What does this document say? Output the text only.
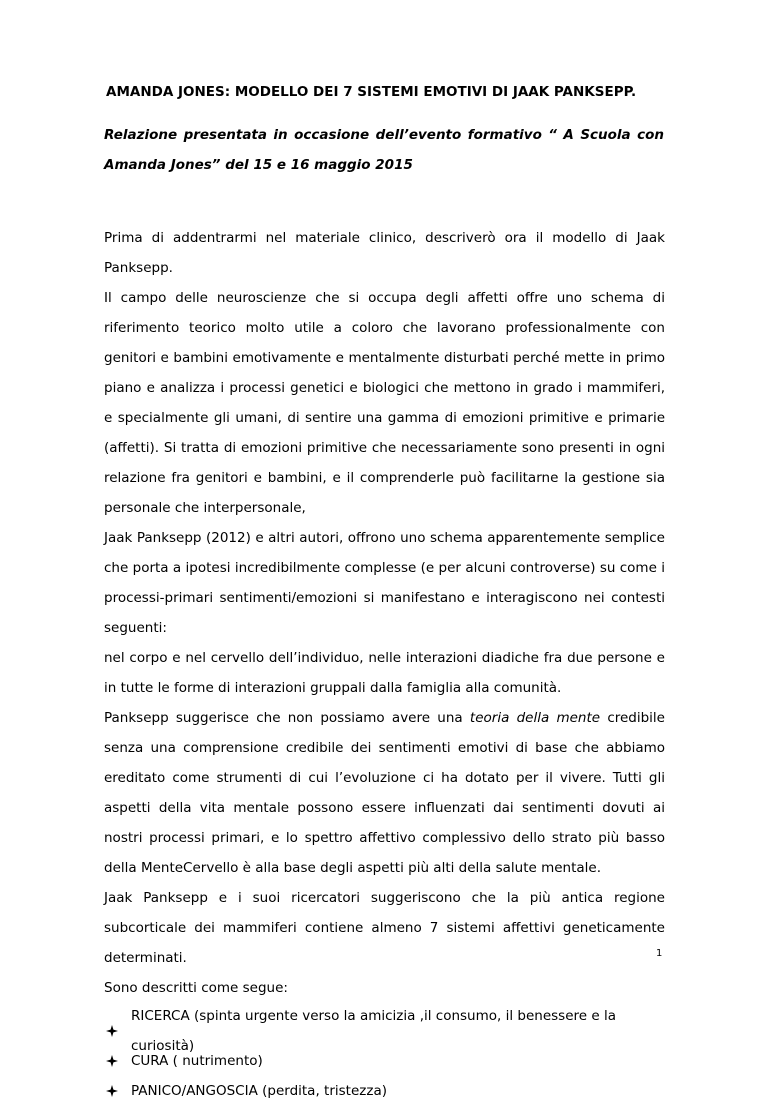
AMANDA JONES: MODELLO DEI 7 SISTEMI EMOTIVI DI JAAK PANKSEPP.

Relazione presentata in occasione dell’evento formativo “ A Scuola con Amanda Jones” del 15 e 16 maggio 2015

Prima di addentrarmi nel materiale clinico, descriverò ora il modello di Jaak Panksepp.

Il campo delle neuroscienze che si occupa degli affetti offre uno schema di riferimento teorico molto utile a coloro che lavorano professionalmente con genitori e bambini emotivamente e mentalmente disturbati perché mette in primo piano e analizza i processi genetici e biologici che mettono in grado i mammiferi, e specialmente gli umani, di sentire una gamma di emozioni primitive e primarie (affetti). Si tratta di emozioni primitive che necessariamente sono presenti in ogni relazione fra genitori e bambini, e il comprenderle può facilitarne la gestione sia personale che interpersonale,

Jaak Panksepp (2012) e altri autori, offrono uno schema apparentemente semplice che porta a ipotesi incredibilmente complesse (e per alcuni controverse) su come i processi-primari sentimenti/emozioni si manifestano e interagiscono nei contesti seguenti:

nel corpo e nel cervello dell’individuo, nelle interazioni diadiche fra due persone e in tutte le forme di interazioni gruppali dalla famiglia alla comunità.

Panksepp suggerisce che non possiamo avere una teoria della mente credibile senza una comprensione credibile dei sentimenti emotivi di base che abbiamo ereditato come strumenti di cui l’evoluzione ci ha dotato per il vivere. Tutti gli aspetti della vita mentale possono essere influenzati dai sentimenti dovuti ai nostri processi primari, e lo spettro affettivo complessivo dello strato più basso della MenteCervello è alla base degli aspetti più alti della salute mentale.

Jaak Panksepp e i suoi ricercatori suggeriscono che la più antica regione subcorticale dei mammiferi contiene almeno 7 sistemi affettivi geneticamente determinati.

Sono descritti come segue:

RICERCA (spinta urgente verso la amicizia ,il consumo, il benessere e la curiosità)
CURA ( nutrimento)
PANICO/ANGOSCIA (perdita, tristezza)
1
